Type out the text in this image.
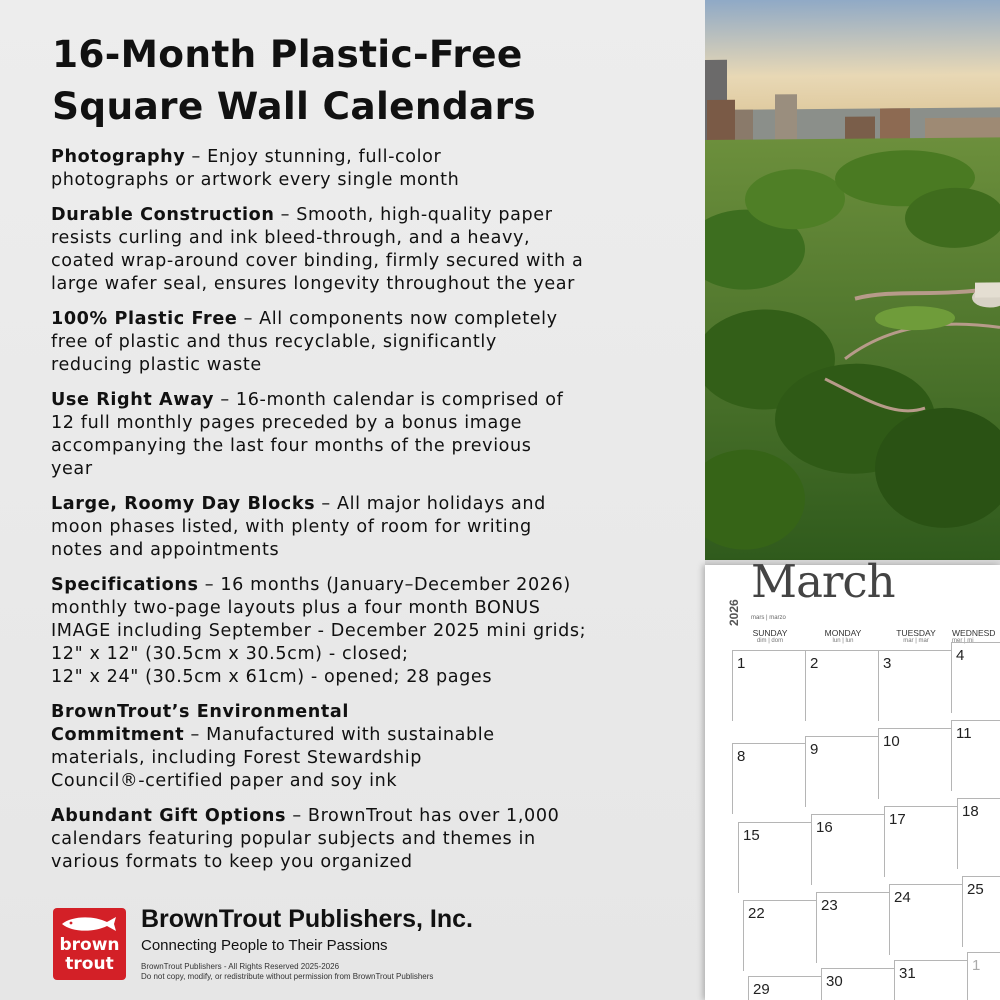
16-Month Plastic-Free
Square Wall Calendars
Photography – Enjoy stunning, full-color
photographs or artwork every single month
Durable Construction – Smooth, high-quality paper
resists curling and ink bleed-through, and a heavy,
coated wrap-around cover binding, firmly secured with a
large wafer seal, ensures longevity throughout the year
100% Plastic Free – All components now completely
free of plastic and thus recyclable, significantly
reducing plastic waste
Use Right Away – 16-month calendar is comprised of
12 full monthly pages preceded by a bonus image
accompanying the last four months of the previous
year
Large, Roomy Day Blocks – All major holidays and
moon phases listed, with plenty of room for writing
notes and appointments
Specifications – 16 months (January–December 2026)
monthly two-page layouts plus a four month BONUS
IMAGE including September - December 2025 mini grids;
12" x 12" (30.5cm x 30.5cm) - closed;
12" x 24" (30.5cm x 61cm) - opened; 28 pages
BrownTrout’s Environmental
Commitment – Manufactured with sustainable
materials, including Forest Stewardship
Council®-certified paper and soy ink
Abundant Gift Options – BrownTrout has over 1,000
calendars featuring popular subjects and themes in
various formats to keep you organized
brown
trout
BrownTrout Publishers, Inc.
Connecting People to Their Passions
BrownTrout Publishers - All Rights Reserved 2025-2026
Do not copy, modify, or redistribute without permission from BrownTrout Publishers
2026
March
mars | marzo
SUNDAY
dim | dom
MONDAY
lun | lun
TUESDAY
mar | mar
WEDNESD
mer | mi
1	2	3	4
8	9	10	11
15	16	17	18
22	23	24	25
29	30	31	1
